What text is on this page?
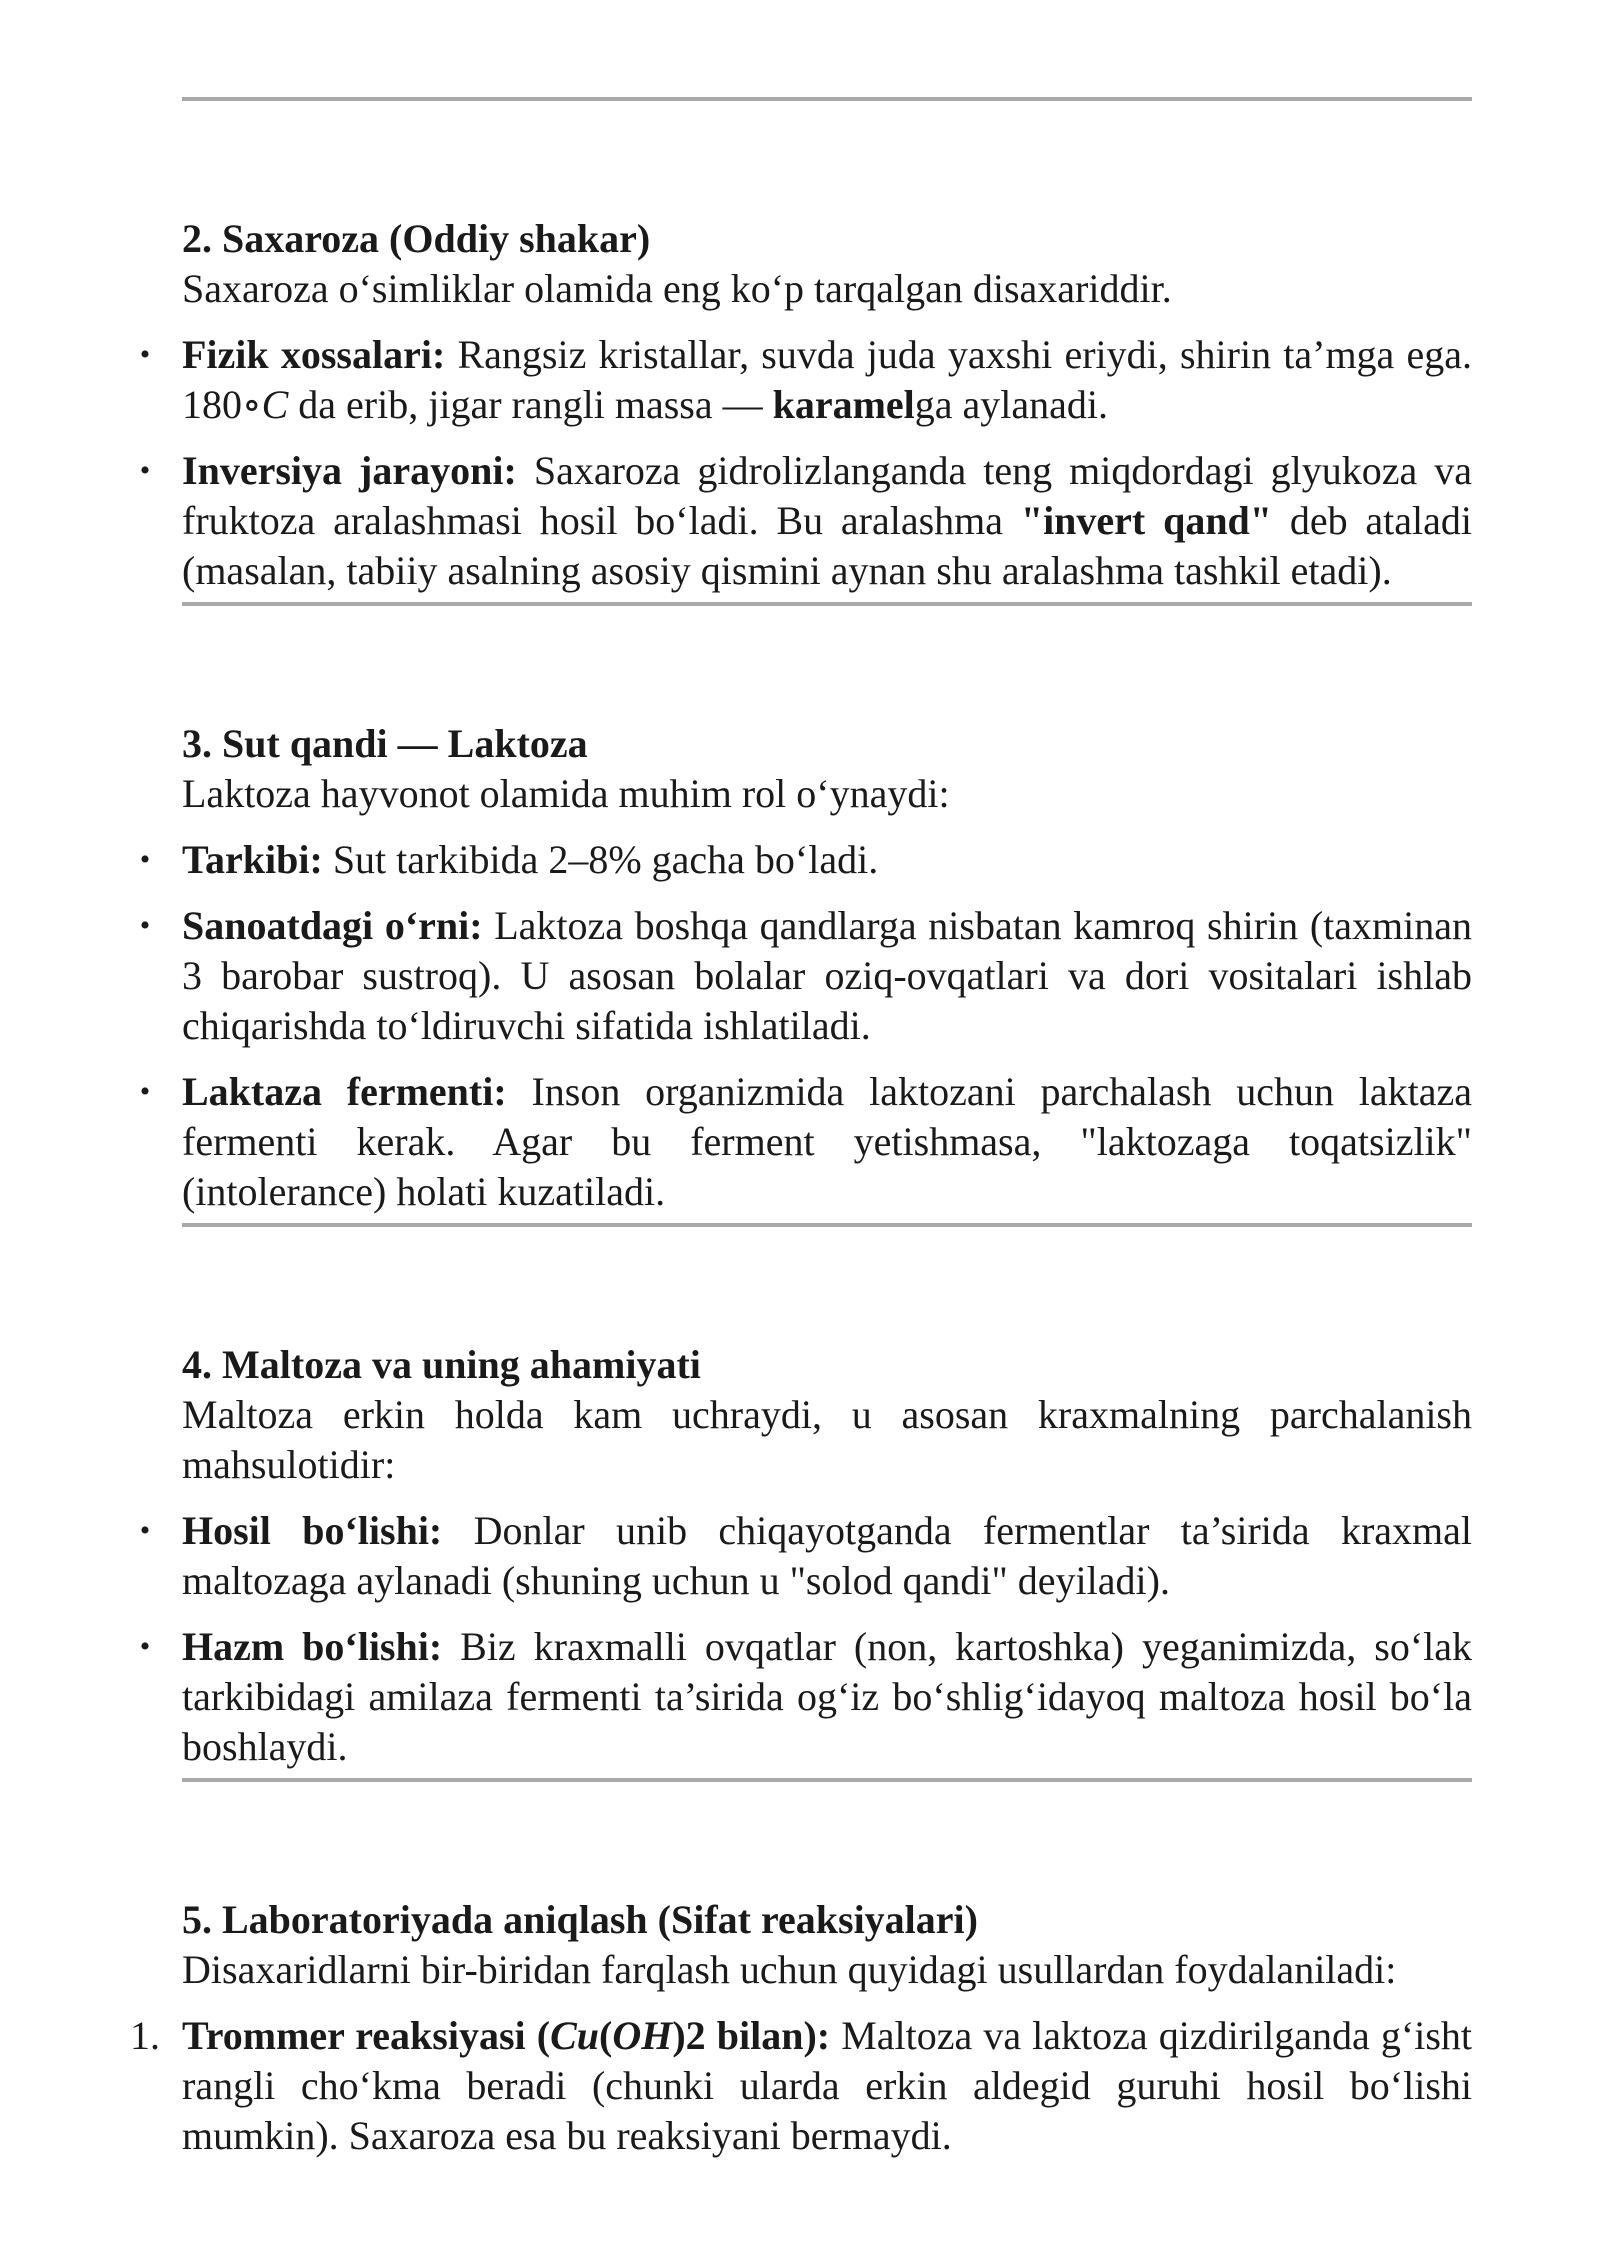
2. Saxaroza (Oddiy shakar)

Saxaroza o‘simliklar olamida eng ko‘p tarqalgan disaxariddir.

• Fizik xossalari: Rangsiz kristallar, suvda juda yaxshi eriydi, shirin ta’mga ega. 180∘C da erib, jigar rangli massa — karamelga aylanadi.
• Inversiya jarayoni: Saxaroza gidrolizlanganda teng miqdordagi glyukoza va fruktoza aralashmasi hosil bo‘ladi. Bu aralashma "invert qand" deb ataladi (masalan, tabiiy asalning asosiy qismini aynan shu aralashma tashkil etadi).

3. Sut qandi — Laktoza

Laktoza hayvonot olamida muhim rol o‘ynaydi:

• Tarkibi: Sut tarkibida 2–8% gacha bo‘ladi.
• Sanoatdagi o‘rni: Laktoza boshqa qandlarga nisbatan kamroq shirin (taxminan 3 barobar sustroq). U asosan bolalar oziq-ovqatlari va dori vositalari ishlab chiqarishda to‘ldiruvchi sifatida ishlatiladi.
• Laktaza fermenti: Inson organizmida laktozani parchalash uchun laktaza fermenti kerak. Agar bu ferment yetishmasa, "laktozaga toqatsizlik" (intolerance) holati kuzatiladi.

4. Maltoza va uning ahamiyati

Maltoza erkin holda kam uchraydi, u asosan kraxmalning parchalanish mahsulotidir:

• Hosil bo‘lishi: Donlar unib chiqayotganda fermentlar ta’sirida kraxmal maltozaga aylanadi (shuning uchun u "solod qandi" deyiladi).
• Hazm bo‘lishi: Biz kraxmalli ovqatlar (non, kartoshka) yeganimizda, so‘lak tarkibidagi amilaza fermenti ta’sirida og‘iz bo‘shlig‘idayoq maltoza hosil bo‘la boshlaydi.

5. Laboratoriyada aniqlash (Sifat reaksiyalari)

Disaxaridlarni bir-biridan farqlash uchun quyidagi usullardan foydalaniladi:

1. Trommer reaksiyasi (Cu(OH)2 bilan): Maltoza va laktoza qizdirilganda g‘isht rangli cho‘kma beradi (chunki ularda erkin aldegid guruhi hosil bo‘lishi mumkin). Saxaroza esa bu reaksiyani bermaydi.
